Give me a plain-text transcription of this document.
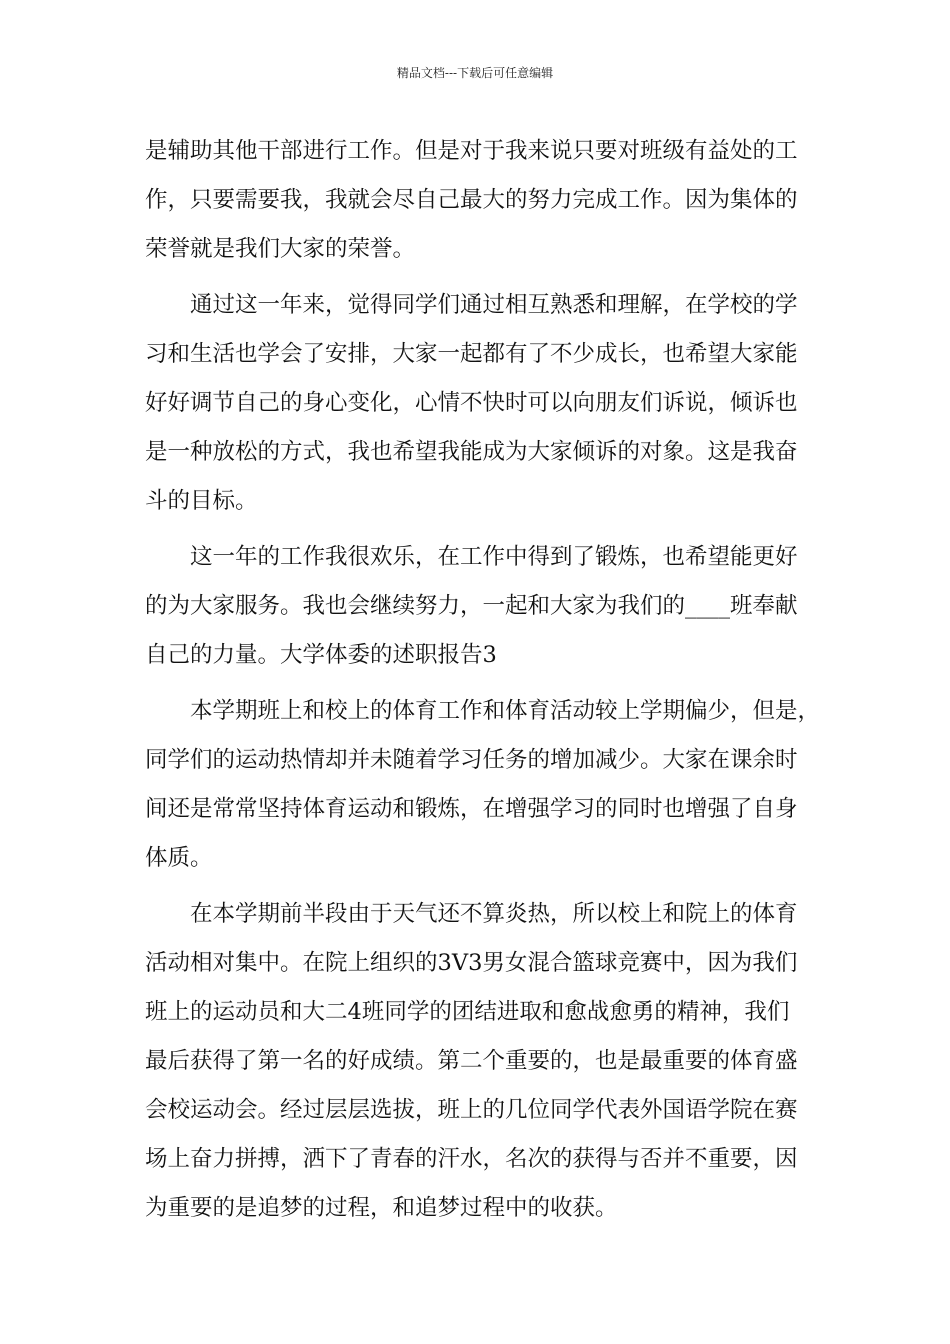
精品文档---下载后可任意编辑
是辅助其他干部进行工作。但是对于我来说只要对班级有益处的工
作，只要需要我，我就会尽自己最大的努力完成工作。因为集体的
荣誉就是我们大家的荣誉。
通过这一年来，觉得同学们通过相互熟悉和理解，在学校的学
习和生活也学会了安排，大家一起都有了不少成长，也希望大家能
好好调节自己的身心变化，心情不快时可以向朋友们诉说，倾诉也
是一种放松的方式，我也希望我能成为大家倾诉的对象。这是我奋
斗的目标。
这一年的工作我很欢乐，在工作中得到了锻炼，也希望能更好
的为大家服务。我也会继续努力，一起和大家为我们的____班奉献
自己的力量。大学体委的述职报告3
本学期班上和校上的体育工作和体育活动较上学期偏少，但是，
同学们的运动热情却并未随着学习任务的增加减少。大家在课余时
间还是常常坚持体育运动和锻炼，在增强学习的同时也增强了自身
体质。
在本学期前半段由于天气还不算炎热，所以校上和院上的体育
活动相对集中。在院上组织的3V3男女混合篮球竞赛中，因为我们
班上的运动员和大二4班同学的团结进取和愈战愈勇的精神，我们
最后获得了第一名的好成绩。第二个重要的，也是最重要的体育盛
会校运动会。经过层层选拔，班上的几位同学代表外国语学院在赛
场上奋力拼搏，洒下了青春的汗水，名次的获得与否并不重要，因
为重要的是追梦的过程，和追梦过程中的收获。
